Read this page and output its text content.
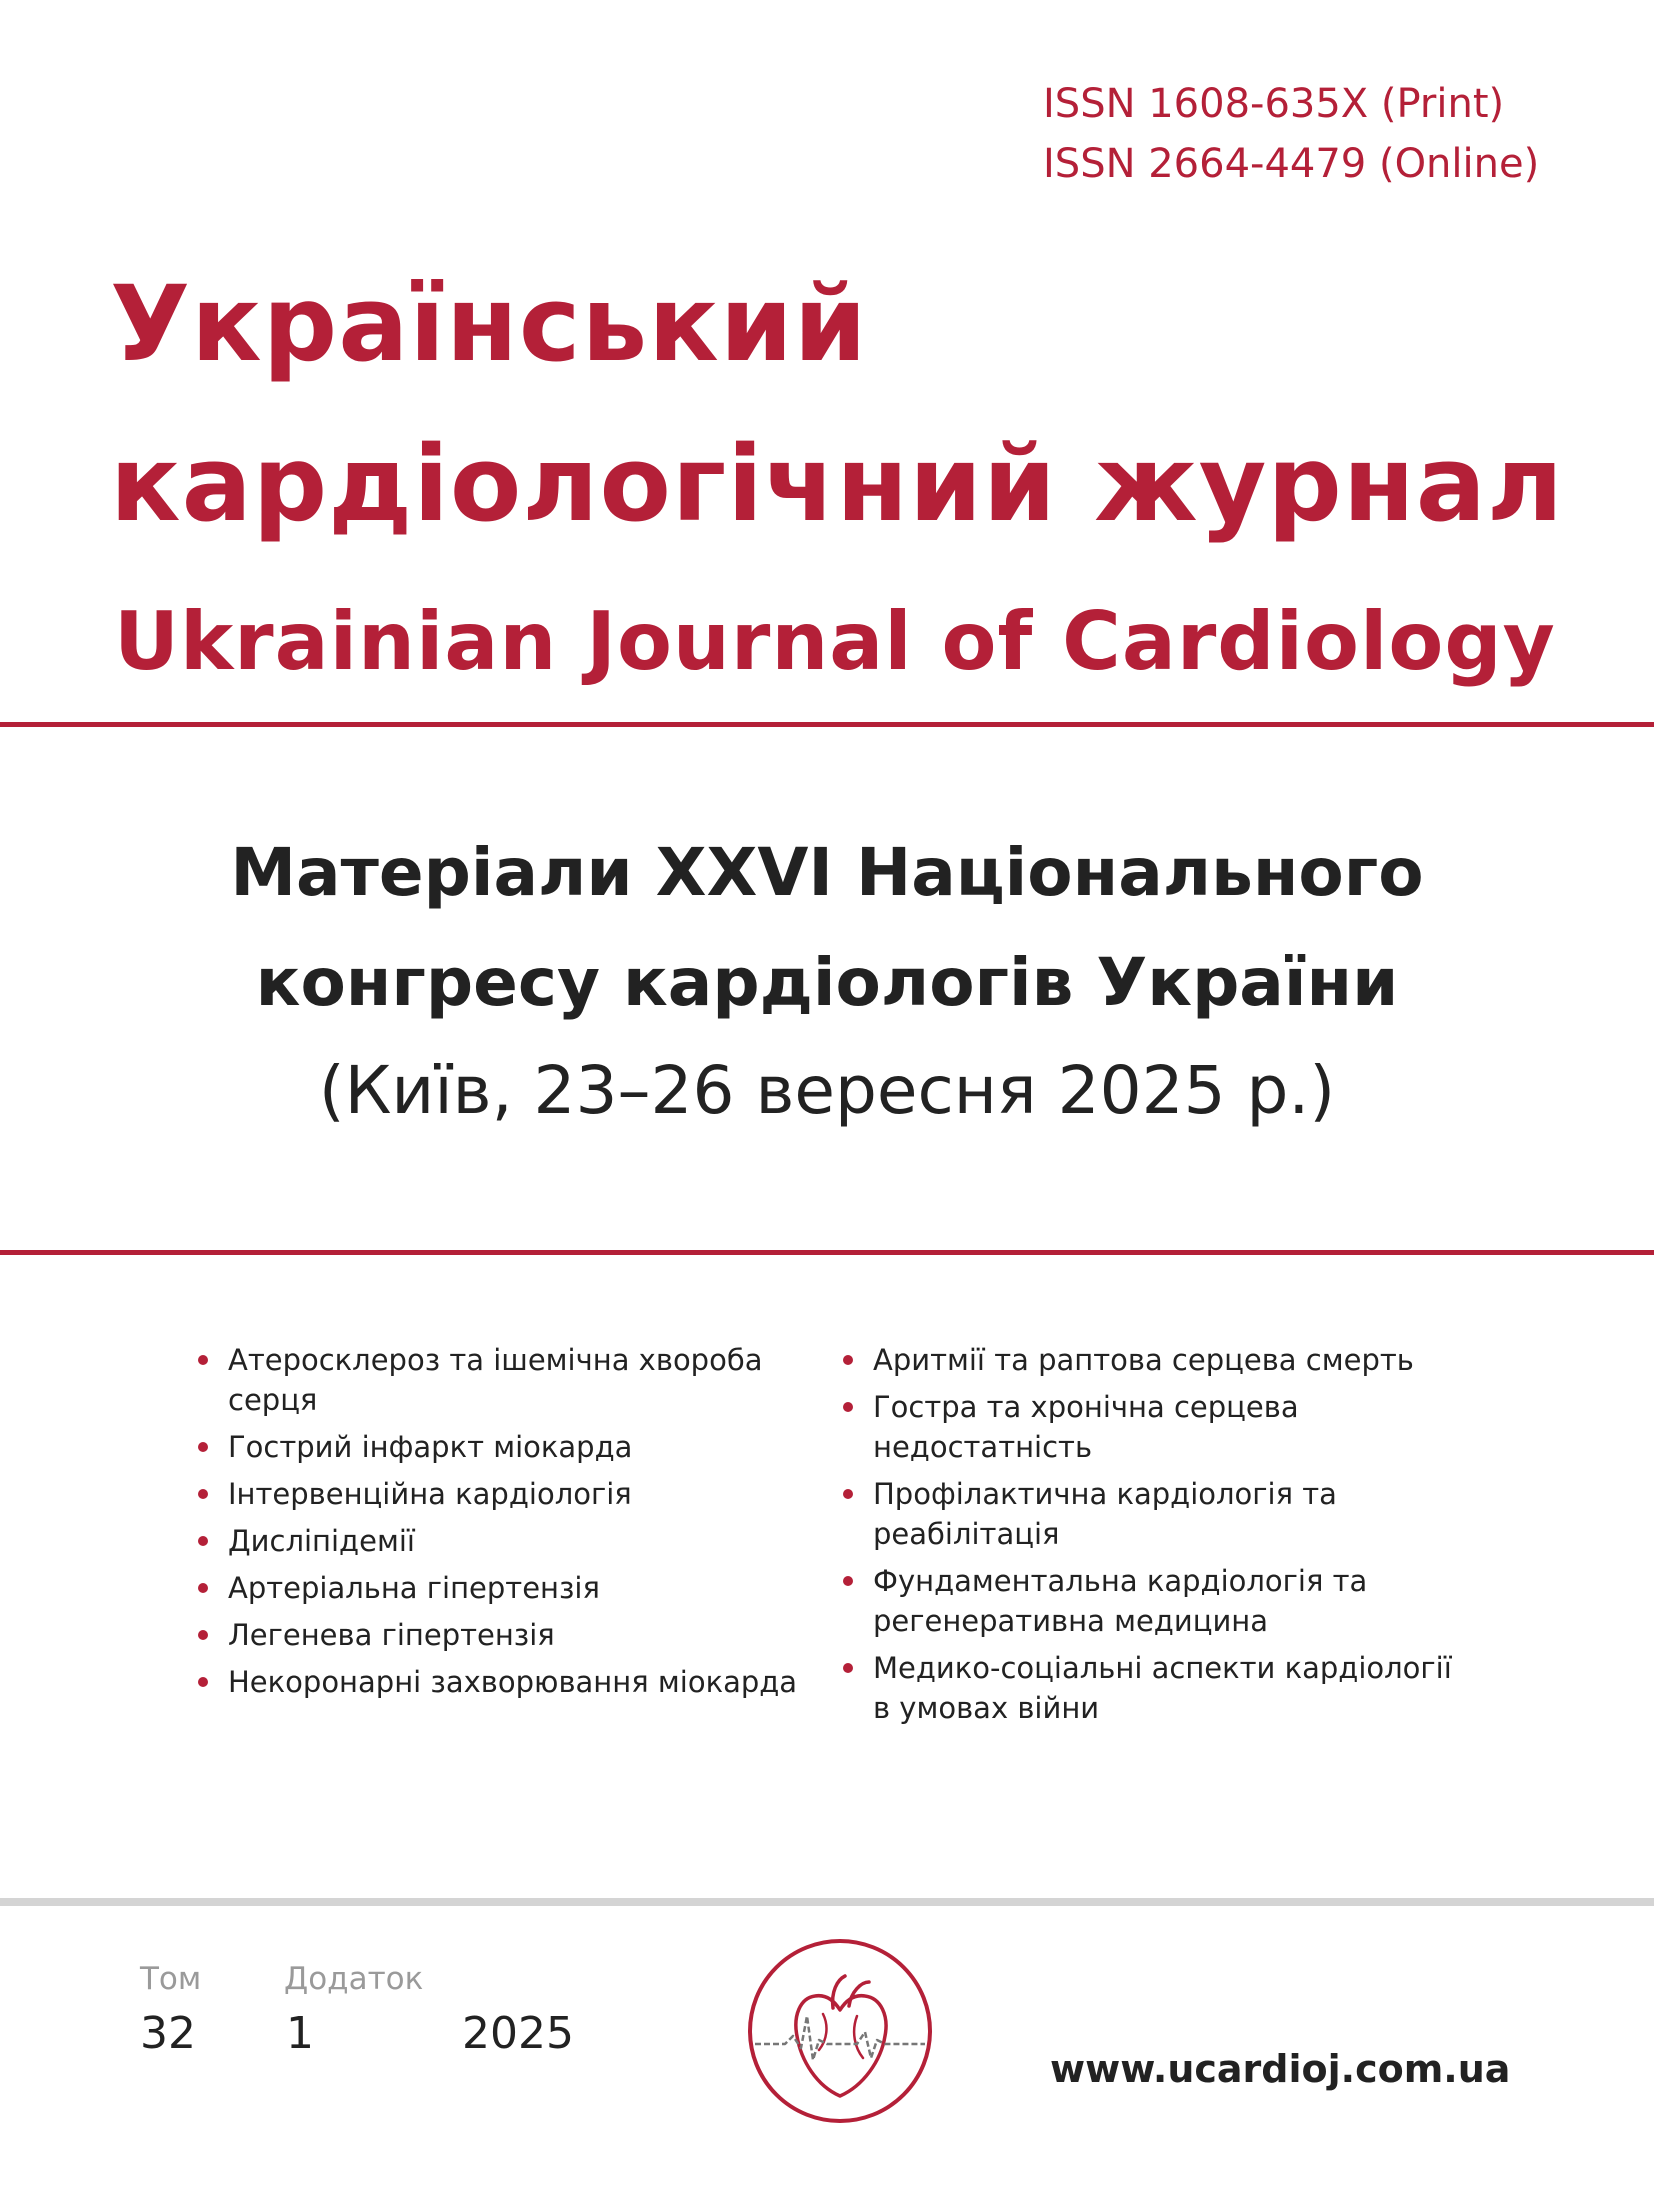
ISSN 1608-635X (Print)
ISSN 2664-4479 (Online)
Український
кардіологічний журнал
Ukrainian Journal of Cardiology
Матеріали XXVI Національного
конгресу кардіологів України
(Київ, 23–26 вересня 2025 р.)
Атеросклероз та ішемічна хвороба серця
Гострий інфаркт міокарда
Інтервенційна кардіологія
Дисліпідемії
Артеріальна гіпертензія
Легенева гіпертензія
Некоронарні захворювання міокарда
Аритмії та раптова серцева смерть
Гостра та хронічна серцева недостатність
Профілактична кардіологія та реабілітація
Фундаментальна кардіологія та регенеративна медицина
Медико-соціальні аспекти кардіології в умовах війни
Том	Додаток
32 1	2025
www.ucardioj.com.ua
